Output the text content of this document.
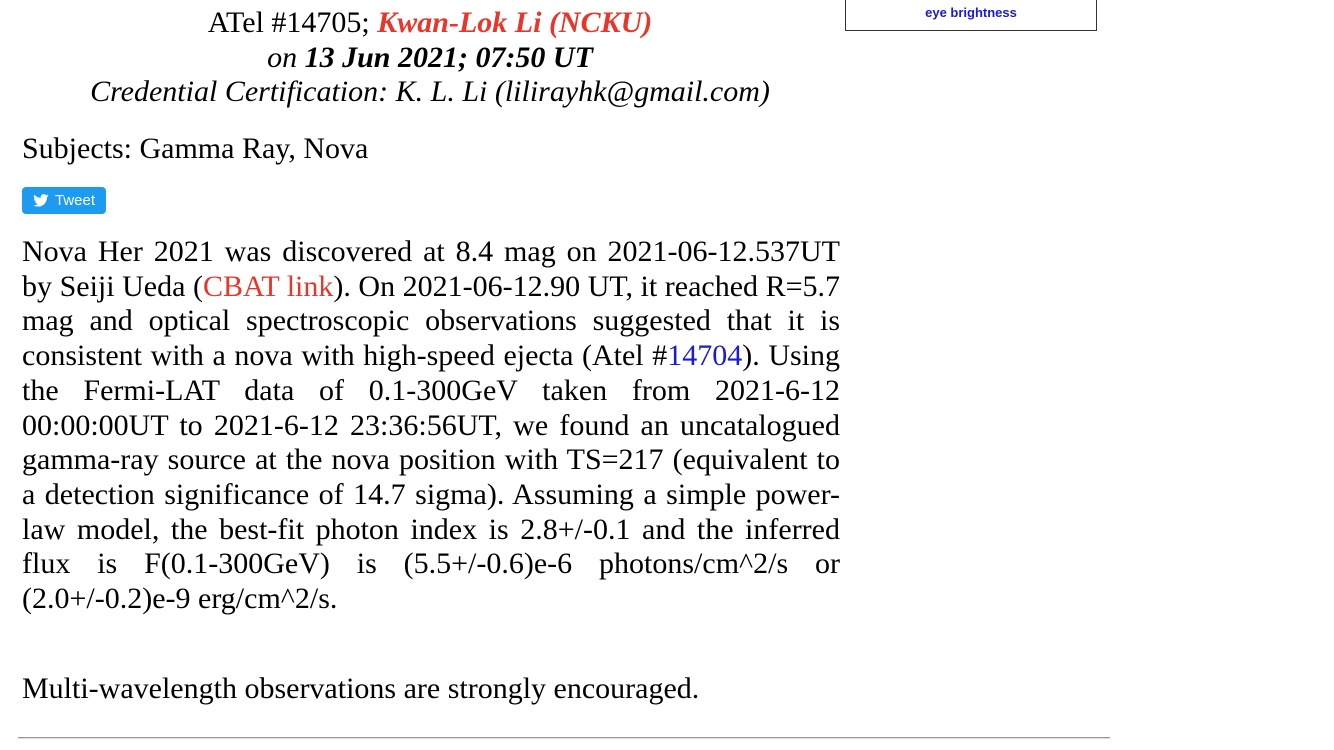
ATel #14705; Kwan-Lok Li (NCKU)
on 13 Jun 2021; 07:50 UT
Credential Certification: K. L. Li (lilirayhk@gmail.com)
Subjects: Gamma Ray, Nova
Tweet

Nova Her 2021 was discovered at 8.4 mag on 2021-06-12.537UT by Seiji Ueda (CBAT link). On 2021-06-12.90 UT, it reached R=5.7 mag and optical spectroscopic observations suggested that it is consistent with a nova with high-speed ejecta (Atel #14704). Using the Fermi-LAT data of 0.1-300GeV taken from 2021-6-12 00:00:00UT to 2021-6-12 23:36:56UT, we found an uncatalogued gamma-ray source at the nova position with TS=217 (equivalent to a detection significance of 14.7 sigma). Assuming a simple power-law model, the best-fit photon index is 2.8+/-0.1 and the inferred flux is F(0.1-300GeV) is (5.5+/-0.6)e-6 photons/cm^2/s or (2.0+/-0.2)e-9 erg/cm^2/s.

Multi-wavelength observations are strongly encouraged.

eye brightness
